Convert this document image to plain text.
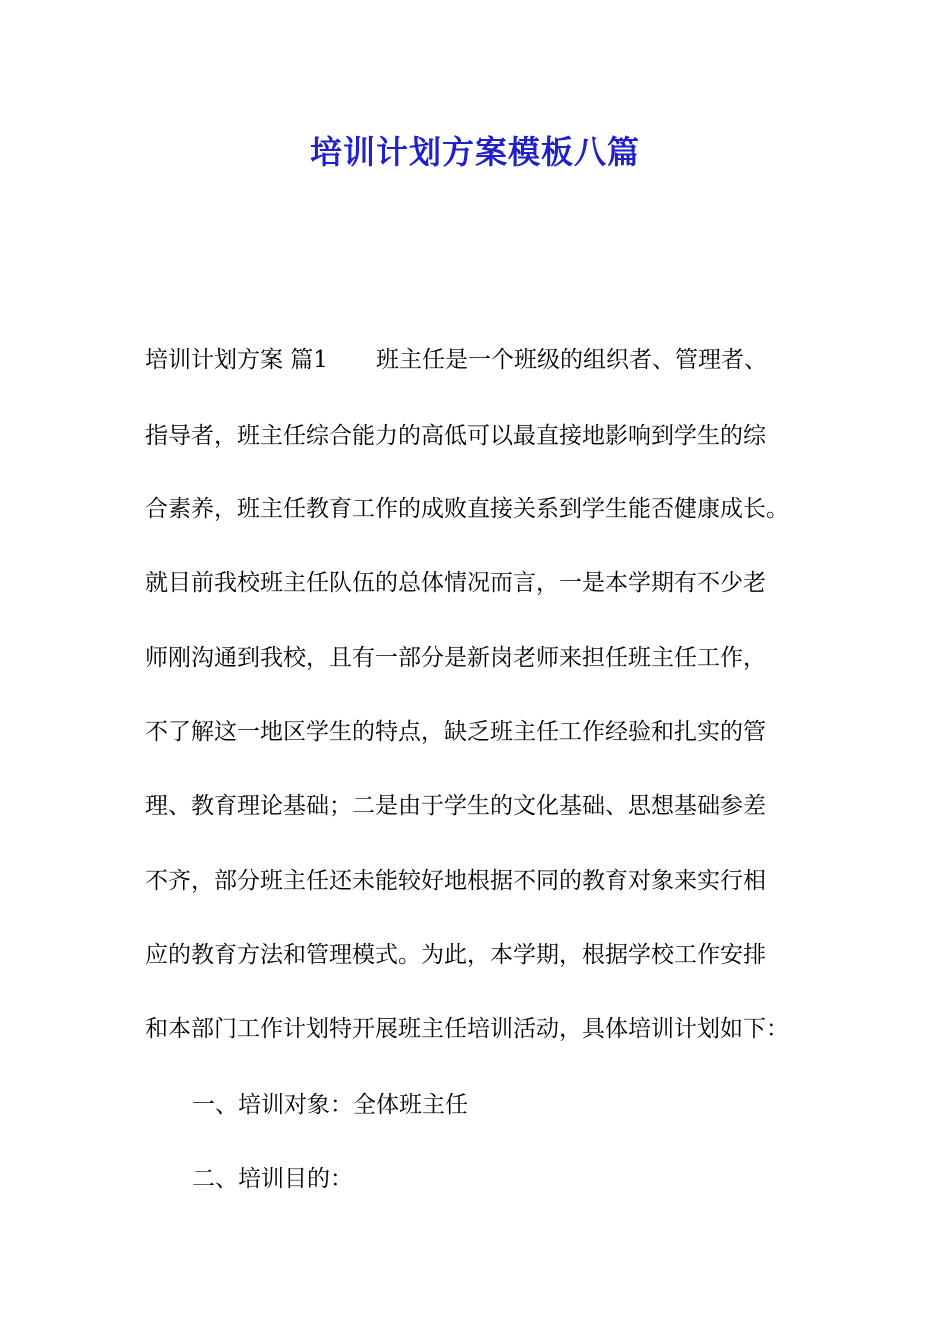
培训计划方案模板八篇
培训计划方案 篇1 班主任是一个班级的组织者、管理者、
指导者，班主任综合能力的高低可以最直接地影响到学生的综
合素养，班主任教育工作的成败直接关系到学生能否健康成长。
就目前我校班主任队伍的总体情况而言，一是本学期有不少老
师刚沟通到我校，且有一部分是新岗老师来担任班主任工作，
不了解这一地区学生的特点，缺乏班主任工作经验和扎实的管
理、教育理论基础；二是由于学生的文化基础、思想基础参差
不齐，部分班主任还未能较好地根据不同的教育对象来实行相
应的教育方法和管理模式。为此，本学期，根据学校工作安排
和本部门工作计划特开展班主任培训活动，具体培训计划如下：
一、培训对象：全体班主任
二、培训目的：
